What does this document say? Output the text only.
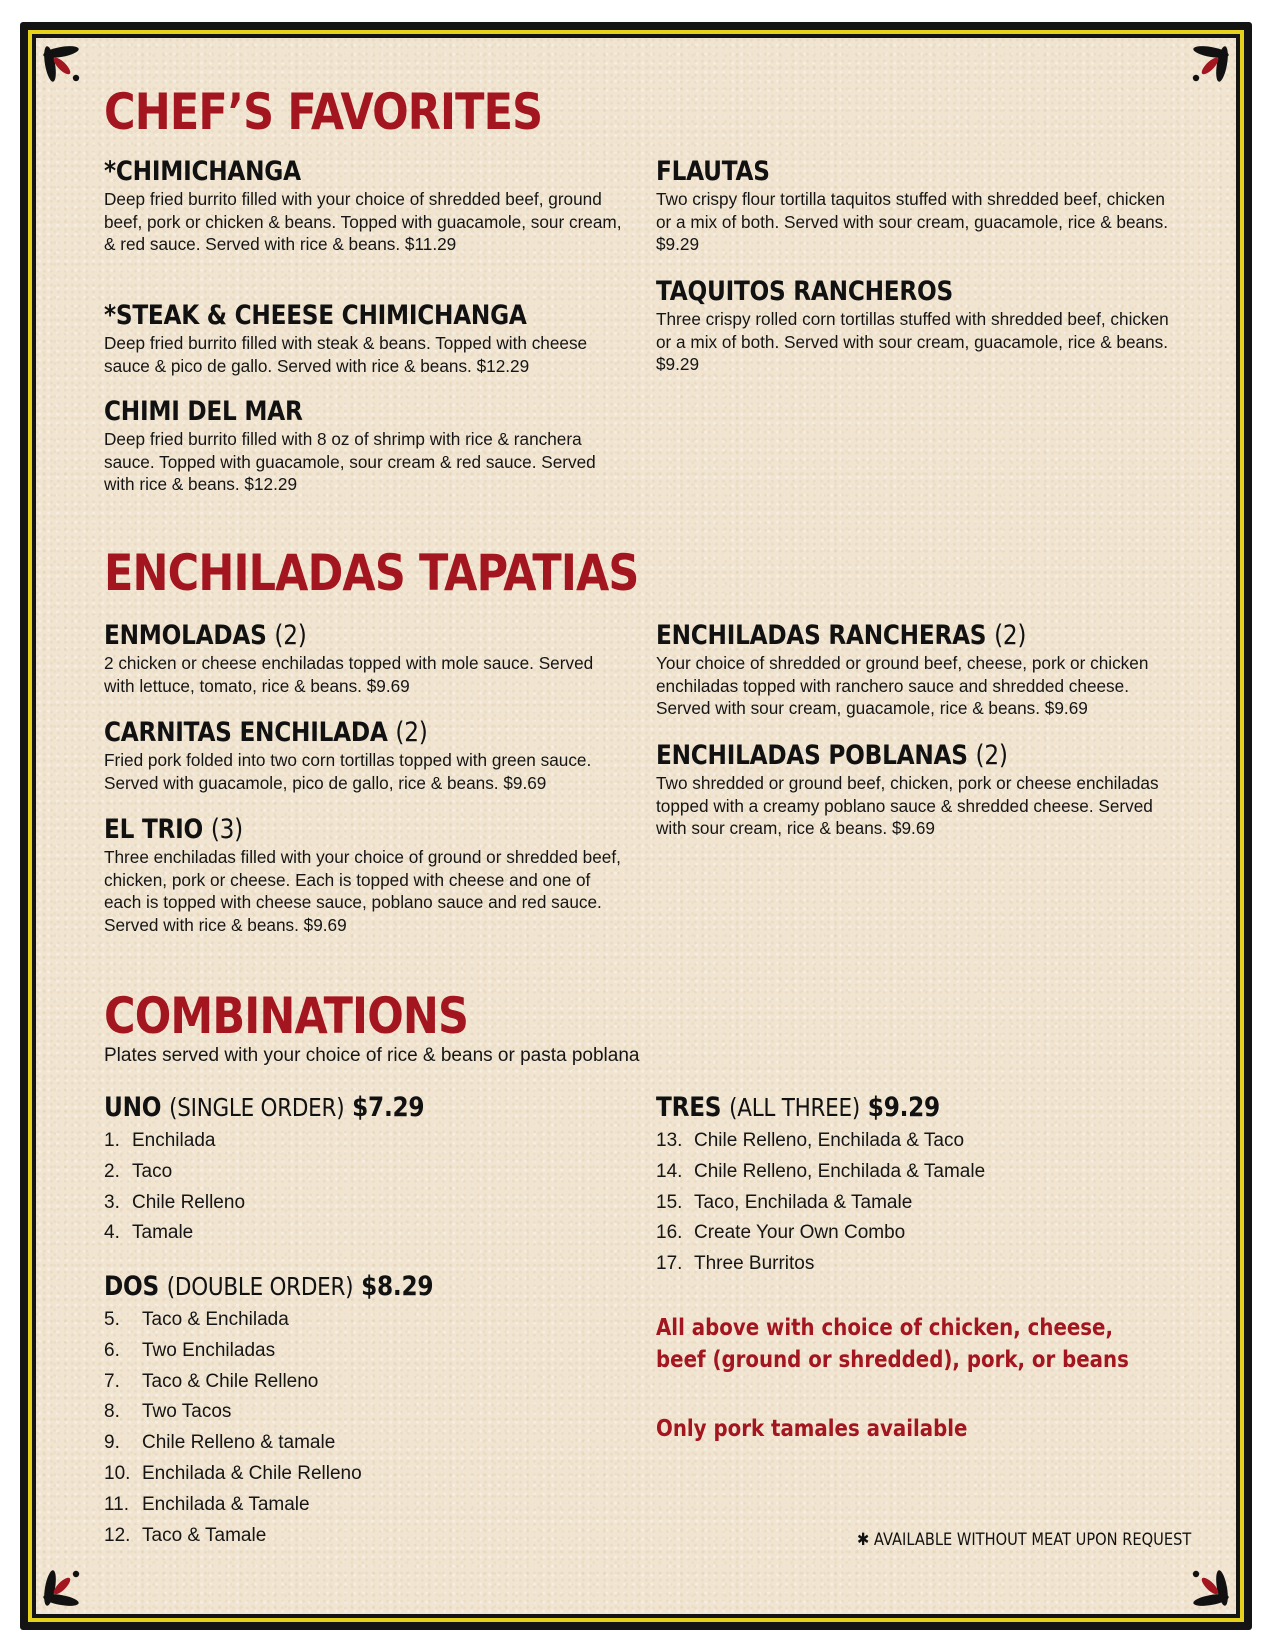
CHEF’S FAVORITES
*CHIMICHANGA

Deep fried burrito filled with your choice of shredded beef, ground beef, pork or chicken & beans. Topped with guacamole, sour cream, & red sauce. Served with rice & beans. $11.29

*STEAK & CHEESE CHIMICHANGA

Deep fried burrito filled with steak & beans. Topped with cheese sauce & pico de gallo. Served with rice & beans. $12.29

CHIMI DEL MAR

Deep fried burrito filled with 8 oz of shrimp with rice & ranchera sauce. Topped with guacamole, sour cream & red sauce. Served with rice & beans. $12.29

FLAUTAS

Two crispy flour tortilla taquitos stuffed with shredded beef, chicken or a mix of both. Served with sour cream, guacamole, rice & beans. $9.29

TAQUITOS RANCHEROS

Three crispy rolled corn tortillas stuffed with shredded beef, chicken or a mix of both. Served with sour cream, guacamole, rice & beans. $9.29

ENCHILADAS TAPATIAS
ENMOLADAS (2)

2 chicken or cheese enchiladas topped with mole sauce. Served with lettuce, tomato, rice & beans. $9.69

CARNITAS ENCHILADA (2)

Fried pork folded into two corn tortillas topped with green sauce. Served with guacamole, pico de gallo, rice & beans. $9.69

EL TRIO (3)

Three enchiladas filled with your choice of ground or shredded beef, chicken, pork or cheese. Each is topped with cheese and one of each is topped with cheese sauce, poblano sauce and red sauce. Served with rice & beans. $9.69

ENCHILADAS RANCHERAS (2)

Your choice of shredded or ground beef, cheese, pork or chicken enchiladas topped with ranchero sauce and shredded cheese. Served with sour cream, guacamole, rice & beans. $9.69

ENCHILADAS POBLANAS (2)

Two shredded or ground beef, chicken, pork or cheese enchiladas topped with a creamy poblano sauce & shredded cheese. Served with sour cream, rice & beans. $9.69

COMBINATIONS

Plates served with your choice of rice & beans or pasta poblana

UNO (SINGLE ORDER) $7.29
1. Enchilada
2. Taco
3. Chile Relleno
4. Tamale
DOS (DOUBLE ORDER) $8.29
5. Taco & Enchilada
6. Two Enchiladas
7. Taco & Chile Relleno
8. Two Tacos
9. Chile Relleno & tamale
10. Enchilada & Chile Relleno
11. Enchilada & Tamale
12. Taco & Tamale
TRES (ALL THREE) $9.29
13. Chile Relleno, Enchilada & Taco
14. Chile Relleno, Enchilada & Tamale
15. Taco, Enchilada & Tamale
16. Create Your Own Combo
17. Three Burritos

All above with choice of chicken, cheese,

beef (ground or shredded), pork, or beans

Only pork tamales available

✱ AVAILABLE WITHOUT MEAT UPON REQUEST
